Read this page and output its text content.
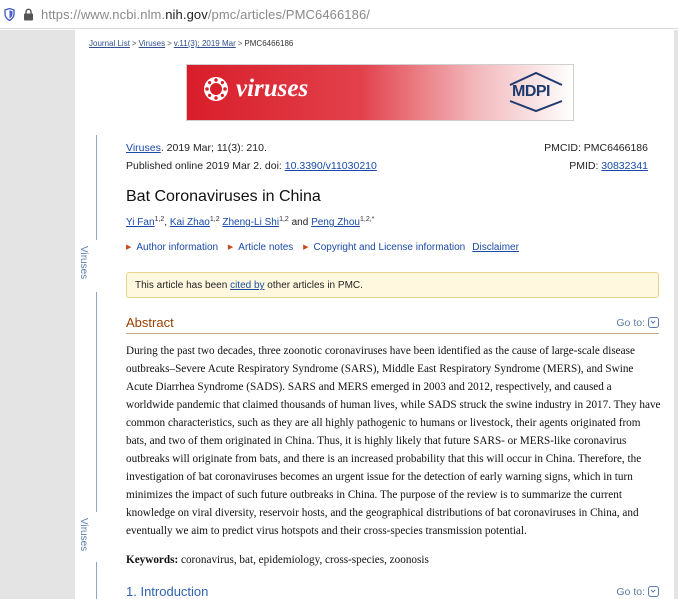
https://www.ncbi.nlm.nih.gov/pmc/articles/PMC6466186/
Journal List > Viruses > v.11(3); 2019 Mar > PMC6466186
viruses	MDPI
Viruses
Viruses
Viruses. 2019 Mar; 11(3): 210.
Published online 2019 Mar 2. doi: 10.3390/v11030210
PMCID: PMC6466186
PMID: 30832341
Bat Coronaviruses in China
Yi Fan$^{1,2}$, Kai Zhao$^{1,2}$ Zheng-Li Shi$^{1,2}$ and Peng Zhou$^{1,2,*}$
▶ Author information ▶ Article notes ▶ Copyright and License information Disclaimer
This article has been cited by other articles in PMC.
Abstract	Go to:
During the past two decades, three zoonotic coronaviruses have been identified as the cause of large-scale disease outbreaks–Severe Acute Respiratory Syndrome (SARS), Middle East Respiratory Syndrome (MERS), and Swine Acute Diarrhea Syndrome (SADS). SARS and MERS emerged in 2003 and 2012, respectively, and caused a worldwide pandemic that claimed thousands of human lives, while SADS struck the swine industry in 2017. They have common characteristics, such as they are all highly pathogenic to humans or livestock, their agents originated from bats, and two of them originated in China. Thus, it is highly likely that future SARS- or MERS-like coronavirus outbreaks will originate from bats, and there is an increased probability that this will occur in China. Therefore, the investigation of bat coronaviruses becomes an urgent issue for the detection of early warning signs, which in turn minimizes the impact of such future outbreaks in China. The purpose of the review is to summarize the current knowledge on viral diversity, reservoir hosts, and the geographical distributions of bat coronaviruses in China, and eventually we aim to predict virus hotspots and their cross-species transmission potential.
Keywords: coronavirus, bat, epidemiology, cross-species, zoonosis
1. Introduction	Go to:
